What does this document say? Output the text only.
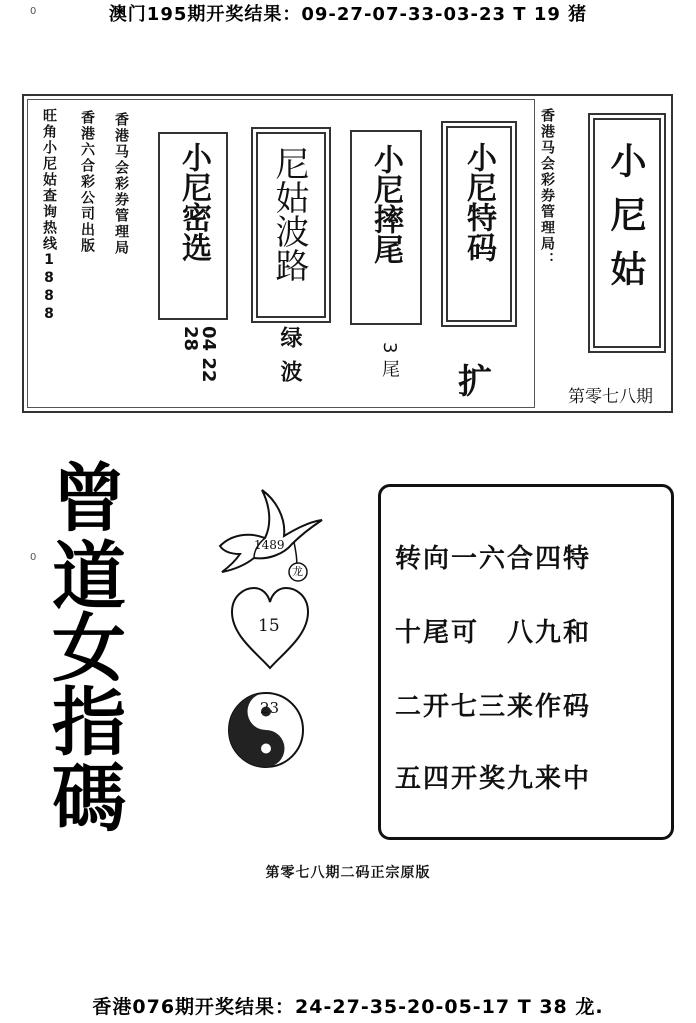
0
0
澳门195期开奖结果：09-27-07-33-03-23 T 19 猪
旺角小尼姑查询热线1888 香港六合彩公司出版 香港马会彩券管理局 小尼密选
04 22 28
尼姑波路
绿波
小尼摔尾
3尾
小尼特码
扩
香港马会彩券管理局： 小尼姑
第零七八期
曾
道
女
指
碼
1489
龙
15
23
转向一六合四特
十尾可　八九和
二开七三来作码
五四开奖九来中
第零七八期二码正宗原版
香港076期开奖结果：24-27-35-20-05-17 T 38 龙.
